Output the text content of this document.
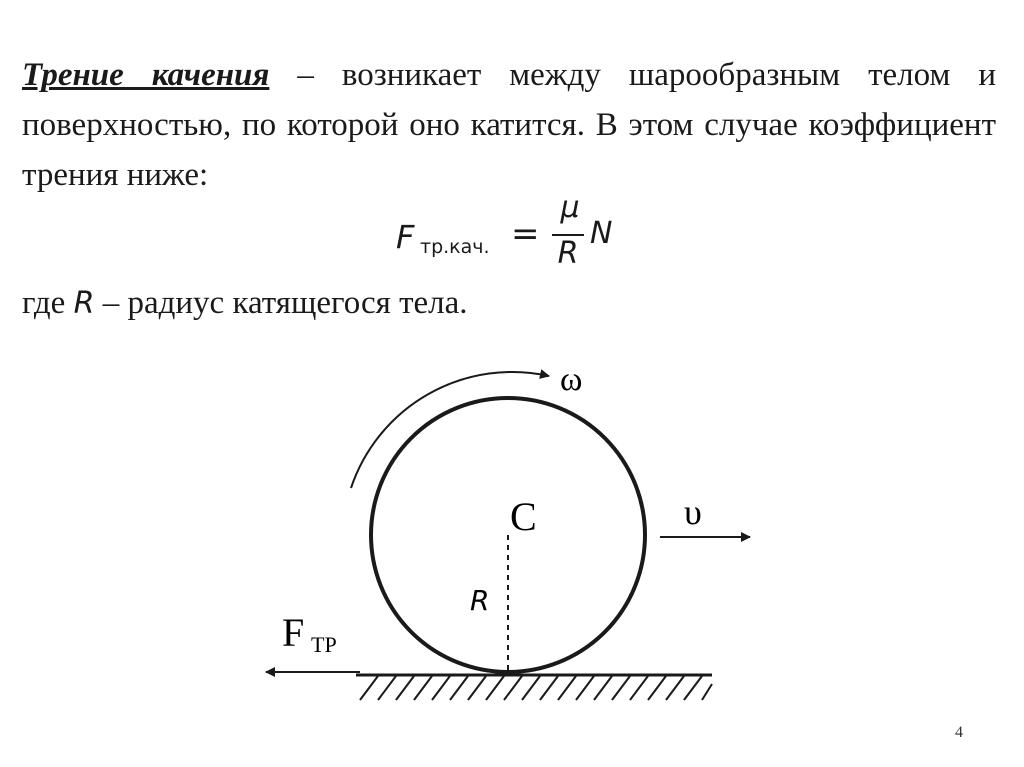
Трение качения – возникает между шарообразным телом и поверхностью, по которой оно катится. В этом случае коэффициент трения ниже:

F тр.кач. =
μ
R
N

где R – радиус катящегося тела.

ω
C	υ
R
F ТР
4
